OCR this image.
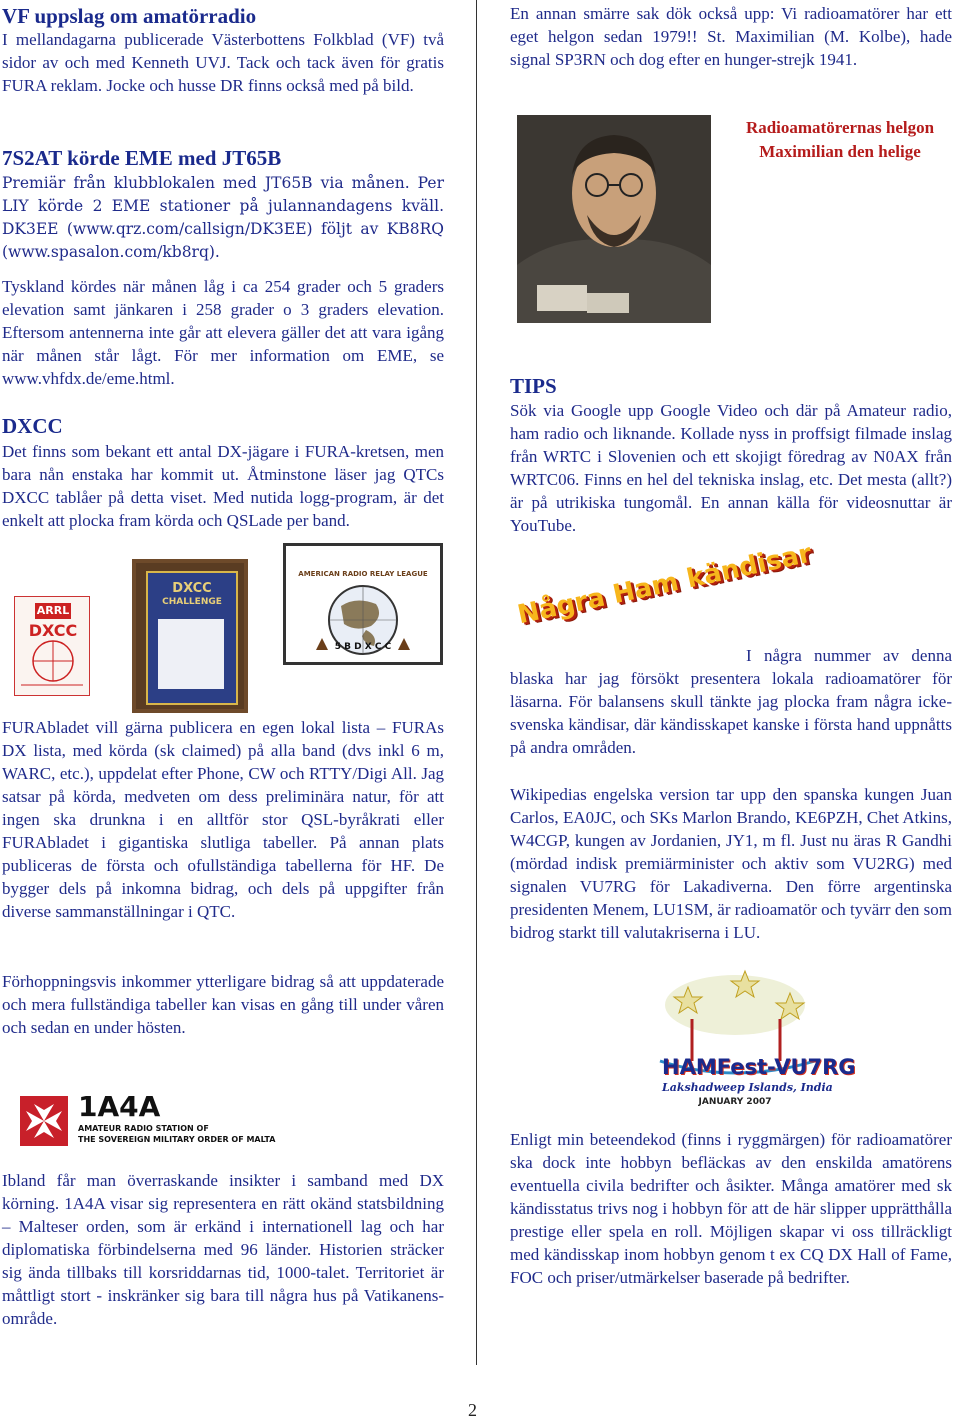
VF uppslag om amatörradio
I mellandagarna publicerade Västerbottens Folkblad (VF) två sidor av och med Kenneth UVJ. Tack och tack även för gratis FURA reklam. Jocke och husse DR finns också med på bild.
7S2AT körde EME med JT65B
Premiär från klubblokalen med JT65B via månen. Per LIY körde 2 EME stationer på julannandagens kväll. DK3EE (www.qrz.com/callsign/DK3EE) följt av KB8RQ (www.spasalon.com/kb8rq).
Tyskland kördes när månen låg i ca 254 grader och 5 graders elevation samt jänkaren i 258 grader o 3 graders elevation. Eftersom antennerna inte går att elevera gäller det att vara igång när månen står lågt. För mer information om EME, se www.vhfdx.de/eme.html.
DXCC
Det finns som bekant ett antal DX-jägare i FURA-kretsen, men bara nån enstaka har kommit ut. Åtminstone läser jag QTCs DXCC tablåer på detta viset. Med nutida logg-program, är det enkelt att plocka fram körda och QSLade per band.
ARRL
DXCC
DXCC
CHALLENGE
AMERICAN RADIO RELAY LEAGUE
5 B D X C C
FURAbladet vill gärna publicera en egen lokal lista – FURAs DX lista, med körda (sk claimed) på alla band (dvs inkl 6 m, WARC, etc.), uppdelat efter Phone, CW och RTTY/Digi All. Jag satsar på körda, medveten om dess preliminära natur, för att ingen ska drunkna i en alltför stor QSL-byråkrati eller FURAbladet i gigantiska slutliga tabeller. På annan plats publiceras de första och ofullständiga tabellerna för HF. De bygger dels på inkomna bidrag, och dels på uppgifter från diverse sammanställningar i QTC.
Förhoppningsvis inkommer ytterligare bidrag så att uppdaterade och mera fullständiga tabeller kan visas en gång till under våren och sedan en under hösten.
1A4A
AMATEUR RADIO STATION OF
THE SOVEREIGN MILITARY ORDER OF MALTA
Ibland får man överraskande insikter i samband med DX körning. 1A4A visar sig representera en rätt okänd statsbildning – Malteser orden, som är erkänd i internationell lag och har diplomatiska förbindelserna med 96 länder. Historien sträcker sig ända tillbaks till korsriddarnas tid, 1000-talet. Territoriet är måttligt stort - inskränker sig bara till några hus på Vatikanens-område.
En annan smärre sak dök också upp: Vi radioamatörer har ett eget helgon sedan 1979!! St. Maximilian (M. Kolbe), hade signal SP3RN och dog efter en hunger-strejk 1941.
Radioamatörernas helgon
Maximilian den helige
TIPS
Sök via Google upp Google Video och där på Amateur radio, ham radio och liknande. Kollade nyss in proffsigt filmade inslag från WRTC i Slovenien och ett skojigt föredrag av N0AX från WRTC06. Finns en hel del tekniska inslag, etc. Det mesta (allt?) är på utrikiska tungomål. En annan källa för videosnuttar är YouTube.
Några Ham kändisar
I några nummer av denna blaska har jag försökt presentera lokala radioamatörer för läsarna. För balansens skull tänkte jag plocka fram några icke-svenska kändisar, där kändisskapet kanske i första hand uppnåtts på andra områden.
Wikipedias engelska version tar upp den spanska kungen Juan Carlos, EA0JC, och SKs Marlon Brando, KE6PZH, Chet Atkins, W4CGP, kungen av Jordanien, JY1, m fl. Just nu äras R Gandhi (mördad indisk premiärminister och aktiv som VU2RG) med signalen VU7RG för Lakadiverna. Den förre argentinska presidenten Menem, LU1SM, är radioamatör och tyvärr den som bidrog starkt till valutakriserna i LU.
HAMFest-VU7RG
Lakshadweep Islands, India
JANUARY 2007
Enligt min beteendekod (finns i ryggmärgen) för radioamatörer ska dock inte hobbyn befläckas av den enskilda amatörens eventuella civila bedrifter och åsikter. Många amatörer med sk kändisstatus trivs nog i hobbyn för att de här slipper upprätthålla prestige eller spela en roll. Möjligen skapar vi oss tillräckligt med kändisskap inom hobbyn genom t ex CQ DX Hall of Fame, FOC och priser/utmärkelser baserade på bedrifter.
2
